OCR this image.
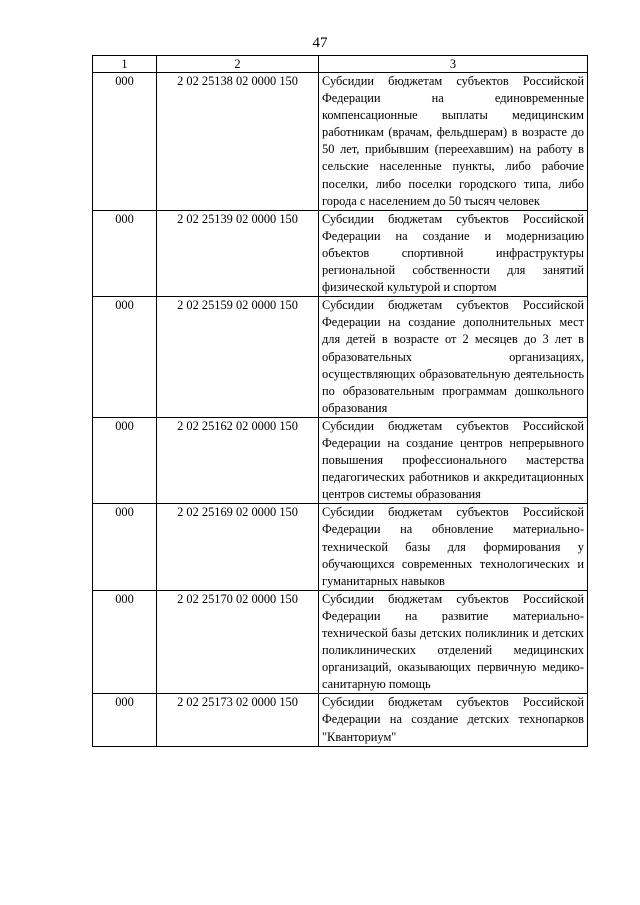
47
1	2	3
000	2 02 25138 02 0000 150	Субсидии бюджетам субъектов Российской Федерации на единовременные компенсационные выплаты медицинским работникам (врачам, фельдшерам) в возрасте до 50 лет, прибывшим (переехавшим) на работу в сельские населенные пункты, либо рабочие поселки, либо поселки городского типа, либо города с населением до 50 тысяч человек
000	2 02 25139 02 0000 150	Субсидии бюджетам субъектов Российской Федерации на создание и модернизацию объектов спортивной инфраструктуры региональной собственности для занятий физической культурой и спортом
000	2 02 25159 02 0000 150	Субсидии бюджетам субъектов Российской Федерации на создание дополнительных мест для детей в возрасте от 2 месяцев до 3 лет в образовательных организациях, осуществляющих образовательную деятельность по образовательным программам дошкольного образования
000	2 02 25162 02 0000 150	Субсидии бюджетам субъектов Российской Федерации на создание центров непрерывного повышения профессионального мастерства педагогических работников и аккредитационных центров системы образования
000	2 02 25169 02 0000 150	Субсидии бюджетам субъектов Российской Федерации на обновление материально-технической базы для формирования у обучающихся современных технологических и гуманитарных навыков
000	2 02 25170 02 0000 150	Субсидии бюджетам субъектов Российской Федерации на развитие материально-технической базы детских поликлиник и детских поликлинических отделений медицинских организаций, оказывающих первичную медико-санитарную помощь
000	2 02 25173 02 0000 150	Субсидии бюджетам субъектов Российской Федерации на создание детских технопарков "Кванториум"
